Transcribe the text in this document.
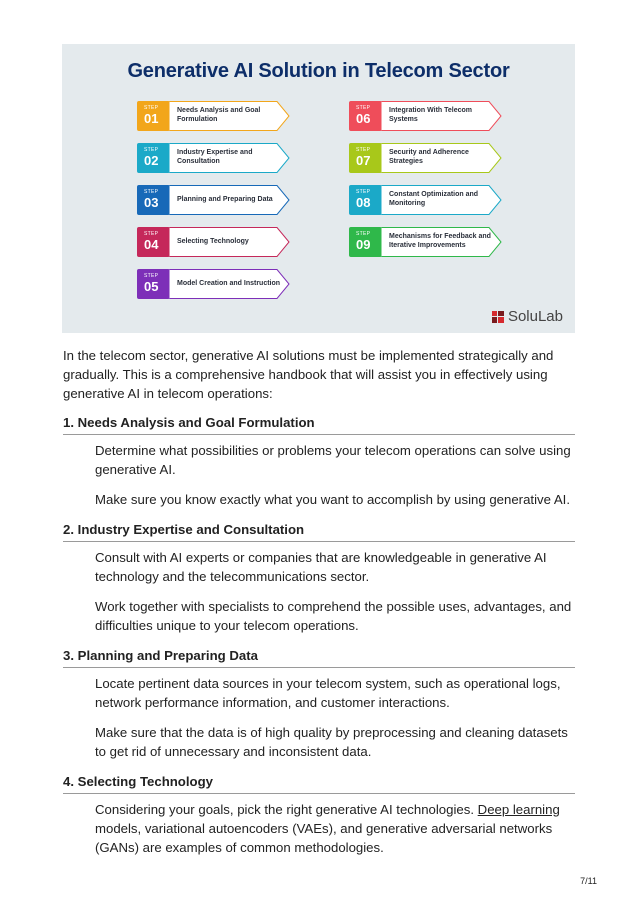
Generative AI Solution in Telecom Sector
STEP
01
Needs Analysis and Goal Formulation
STEP
02
Industry Expertise and Consultation
STEP
03	Planning and Preparing Data
STEP
04	Selecting Technology
STEP
05	Model Creation and Instruction
STEP
06
Integration With Telecom Systems
STEP
07
Security and Adherence Strategies
STEP
08
Constant Optimization and Monitoring
STEP
09
Mechanisms for Feedback and Iterative Improvements
SoluLab
In the telecom sector, generative AI solutions must be implemented strategically and gradually. This is a comprehensive handbook that will assist you in effectively using generative AI in telecom operations:
1. Needs Analysis and Goal Formulation
Determine what possibilities or problems your telecom operations can solve using generative AI.
Make sure you know exactly what you want to accomplish by using generative AI.
2. Industry Expertise and Consultation
Consult with AI experts or companies that are knowledgeable in generative AI technology and the telecommunications sector.
Work together with specialists to comprehend the possible uses, advantages, and difficulties unique to your telecom operations.
3. Planning and Preparing Data
Locate pertinent data sources in your telecom system, such as operational logs, network performance information, and customer interactions.
Make sure that the data is of high quality by preprocessing and cleaning datasets to get rid of unnecessary and inconsistent data.
4. Selecting Technology
Considering your goals, pick the right generative AI technologies. Deep learning models, variational autoencoders (VAEs), and generative adversarial networks (GANs) are examples of common methodologies.
7/11
